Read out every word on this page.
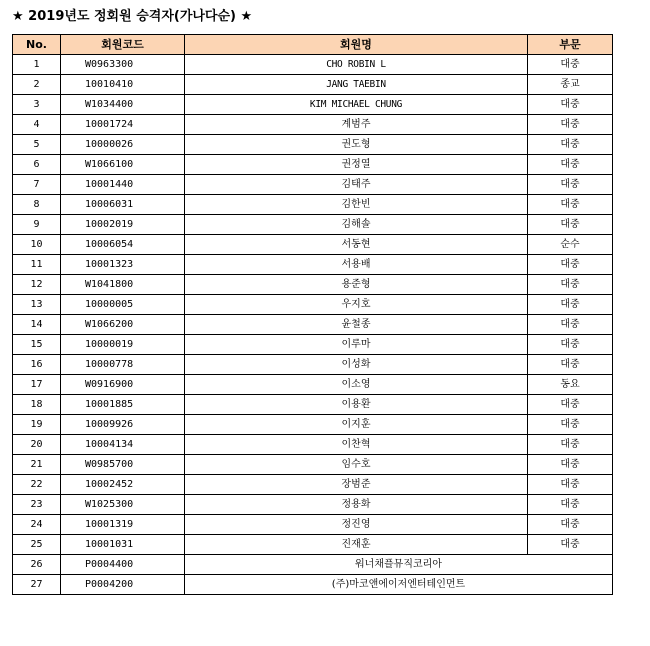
★ 2019년도 정회원 승격자(가나다순) ★
No.	회원코드	회원명	부문
1	W0963300	CHO ROBIN L	대중
2	10010410	JANG TAEBIN	종교
3	W1034400	KIM MICHAEL CHUNG	대중
4	10001724	계범주	대중
5	10000026	권도형	대중
6	W1066100	권정열	대중
7	10001440	김태주	대중
8	10006031	김한빈	대중
9	10002019	김해솔	대중
10	10006054	서동현	순수
11	10001323	서용배	대중
12	W1041800	용준형	대중
13	10000005	우지호	대중
14	W1066200	윤철종	대중
15	10000019	이루마	대중
16	10000778	이성화	대중
17	W0916900	이소영	동요
18	10001885	이용환	대중
19	10009926	이지훈	대중
20	10004134	이찬혁	대중
21	W0985700	임수호	대중
22	10002452	장범준	대중
23	W1025300	정용화	대중
24	10001319	정진영	대중
25	10001031	진재훈	대중
26	P0004400	워너채플뮤직코리아	
27	P0004200	(주)마코앤에이저엔터테인먼트	
